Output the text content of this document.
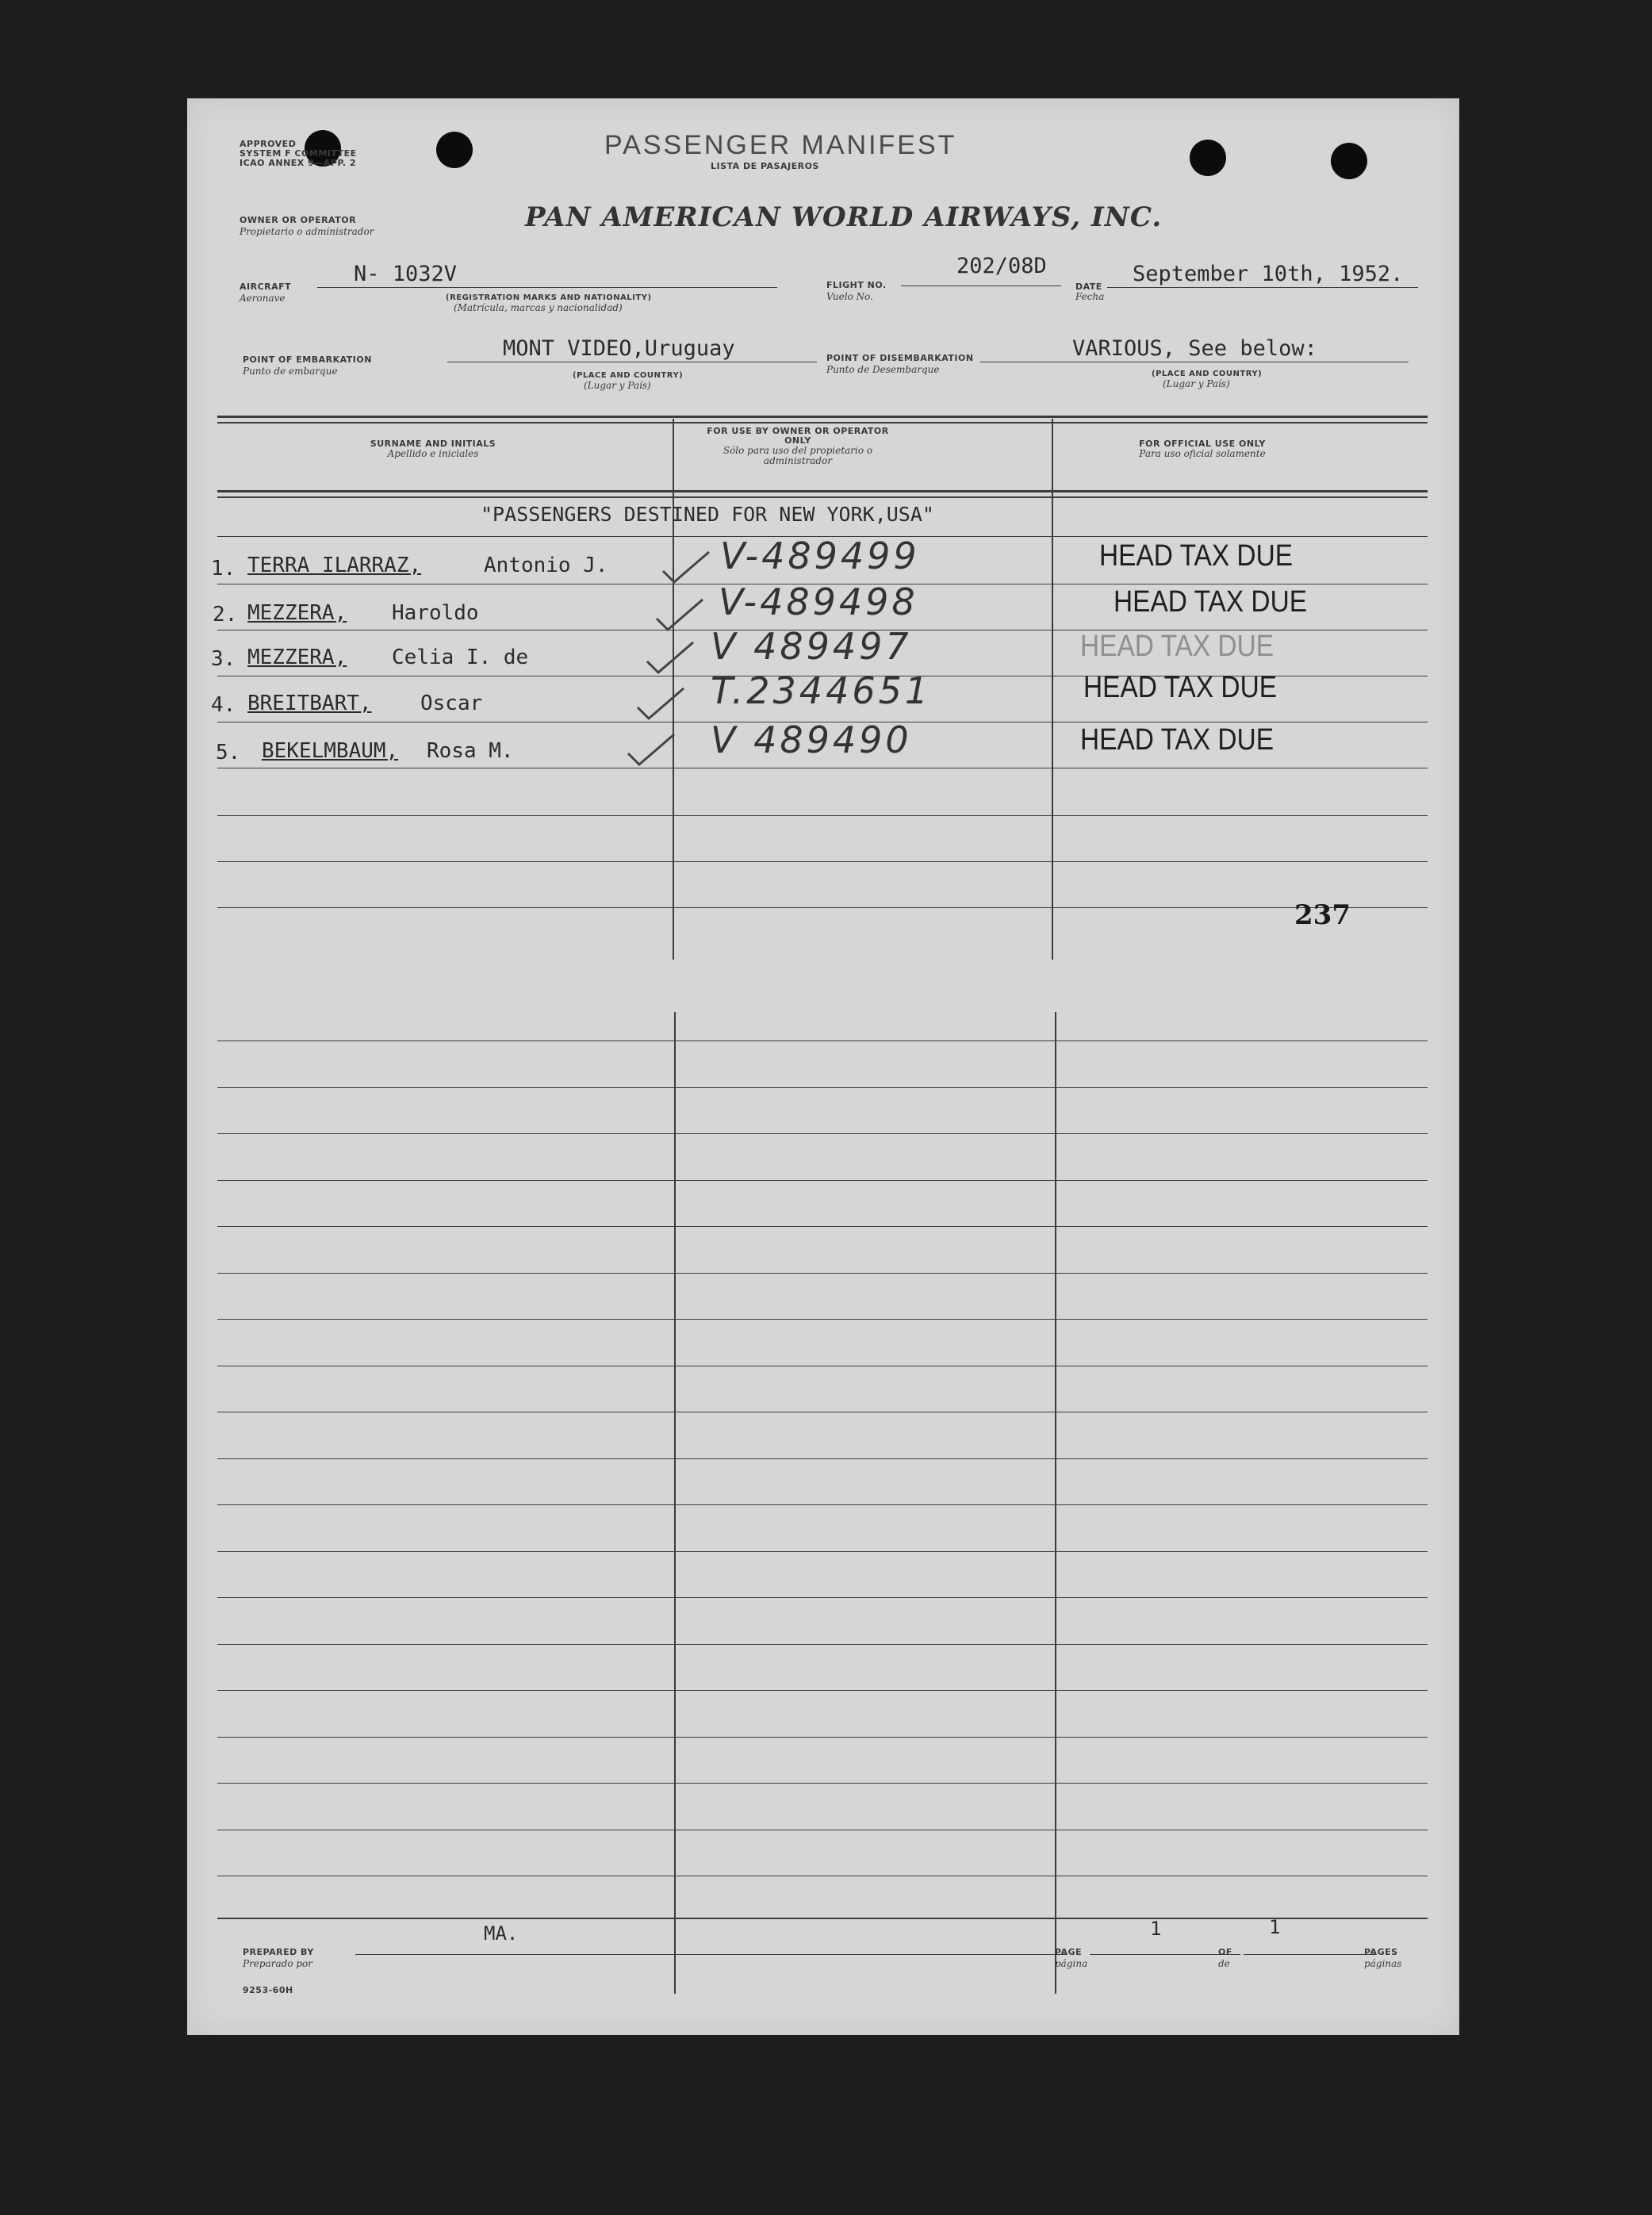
APPROVED
SYSTEM F COMMITTEE
ICAO ANNEX 9—APP. 2
PASSENGER MANIFEST
LISTA DE PASAJEROS
OWNER OR OPERATOR
Propietario o administrador	PAN AMERICAN WORLD AIRWAYS, INC.
AIRCRAFT
Aeronave
N- 1032V
(REGISTRATION MARKS AND NATIONALITY)
(Matrícula, marcas y nacionalidad)
FLIGHT NO.
Vuelo No.
202/08D
DATE
Fecha
September 10th, 1952.
POINT OF EMBARKATION
Punto de embarque
MONT VIDEO,Uruguay
(PLACE AND COUNTRY)
(Lugar y País)
POINT OF DISEMBARKATION
Punto de Desembarque
VARIOUS, See below:
(PLACE AND COUNTRY)
(Lugar y País)
SURNAME AND INITIALS
Apellido e iniciales
FOR USE BY OWNER OR OPERATOR ONLY
Sólo para uso del propietario o administrador
FOR OFFICIAL USE ONLY
Para uso oficial solamente
"PASSENGERS DESTINED FOR NEW YORK,USA"
1. TERRA ILARRAZ,	Antonio J.	V-489499	HEAD TAX DUE
2. MEZZERA, Haroldo	V-489498	HEAD TAX DUE
3. MEZZERA, Celia I. de	V 489497	HEAD TAX DUE
4. BREITBART, Oscar	T.2344651	HEAD TAX DUE
5. BEKELMBAUM, Rosa M.	V 489490	HEAD TAX DUE
237
MA.	1	1
PREPARED BY
Preparado por
9253-60H
PAGE
página
OF
de
PAGES
páginas
